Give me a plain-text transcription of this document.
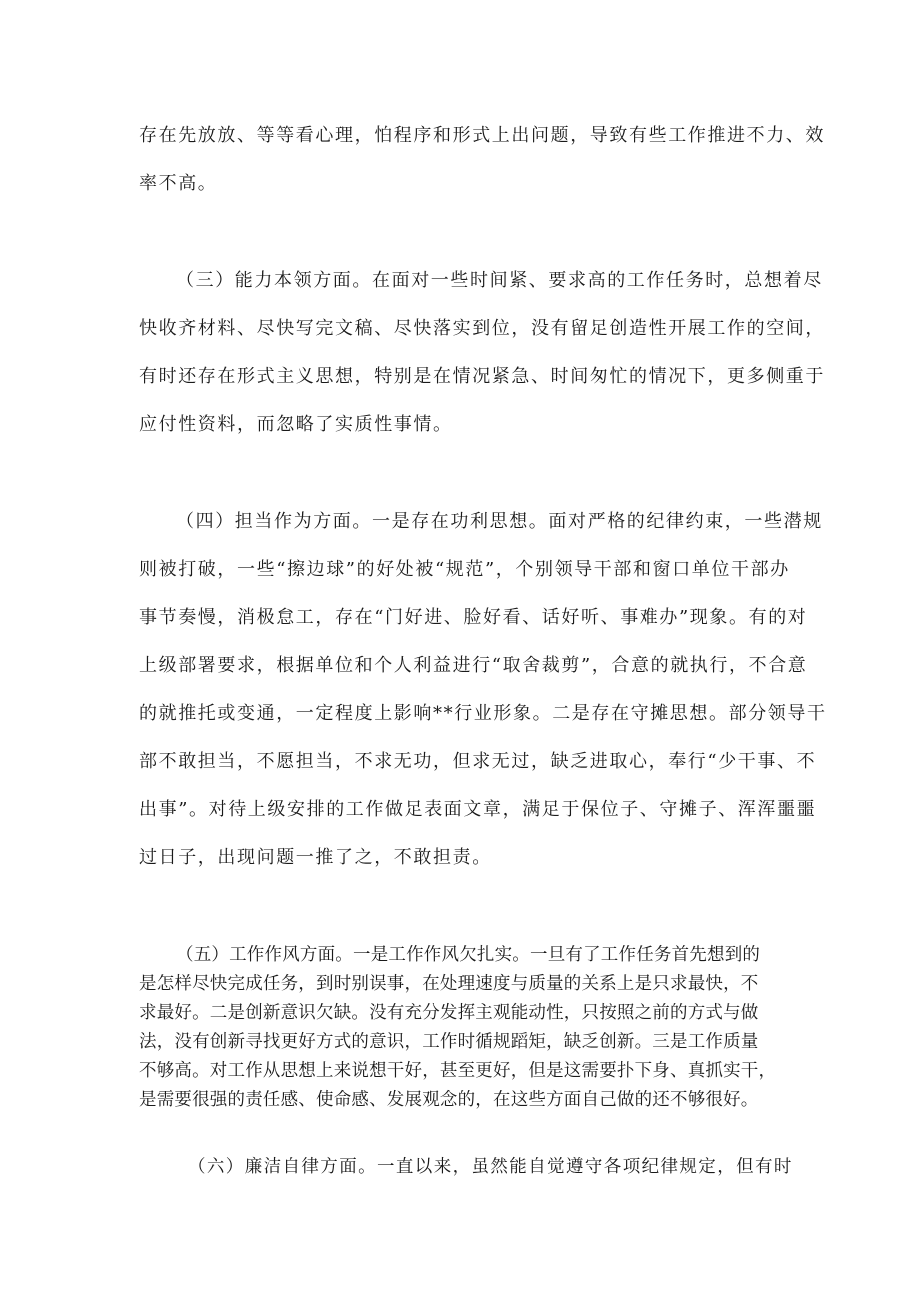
存在先放放、等等看心理，怕程序和形式上出问题，导致有些工作推进不力、效
率不高。
（三）能力本领方面。在面对一些时间紧、要求高的工作任务时，总想着尽
快收齐材料、尽快写完文稿、尽快落实到位，没有留足创造性开展工作的空间，
有时还存在形式主义思想，特别是在情况紧急、时间匆忙的情况下，更多侧重于
应付性资料，而忽略了实质性事情。
（四）担当作为方面。一是存在功利思想。面对严格的纪律约束，一些潜规
则被打破，一些“擦边球”的好处被“规范”，个别领导干部和窗口单位干部办
事节奏慢，消极怠工，存在“门好进、脸好看、话好听、事难办”现象。有的对
上级部署要求，根据单位和个人利益进行“取舍裁剪”，合意的就执行，不合意
的就推托或变通，一定程度上影响**行业形象。二是存在守摊思想。部分领导干
部不敢担当，不愿担当，不求无功，但求无过，缺乏进取心，奉行“少干事、不
出事”。对待上级安排的工作做足表面文章，满足于保位子、守摊子、浑浑噩噩
过日子，出现问题一推了之，不敢担责。
（五）工作作风方面。一是工作作风欠扎实。一旦有了工作任务首先想到的
是怎样尽快完成任务，到时别误事，在处理速度与质量的关系上是只求最快，不
求最好。二是创新意识欠缺。没有充分发挥主观能动性，只按照之前的方式与做
法，没有创新寻找更好方式的意识，工作时循规蹈矩，缺乏创新。三是工作质量
不够高。对工作从思想上来说想干好，甚至更好，但是这需要扑下身、真抓实干，
是需要很强的责任感、使命感、发展观念的，在这些方面自己做的还不够很好。
（六）廉洁自律方面。一直以来，虽然能自觉遵守各项纪律规定，但有时
